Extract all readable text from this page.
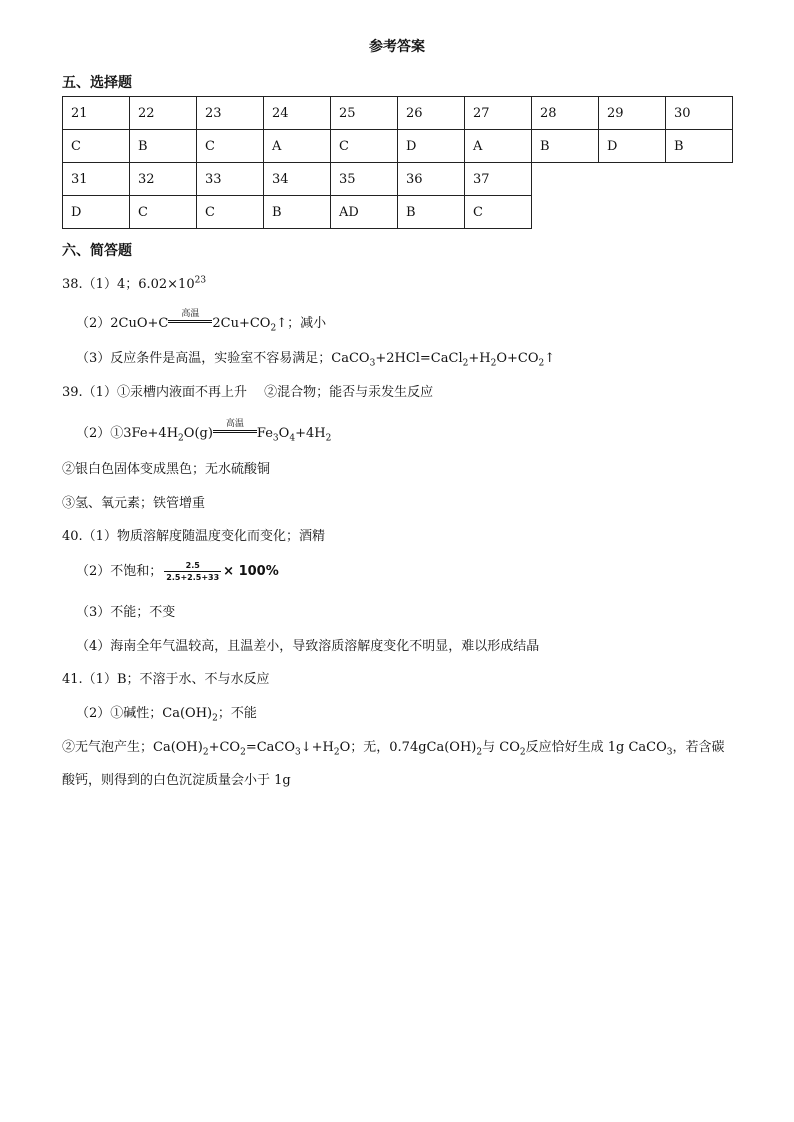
参考答案
五、选择题
21	22	23	24	25	26	27	28	29	30
C	B	C	A	C	D	A	B	D	B
31	32	33	34	35	36	37			
D	C	C	B	AD	B	C			
六、简答题
38.（1）4；$6.02\times 10^{23}$
（2）2CuO+C
高温
$2Cu+CO_2↑$；减小
（3）反应条件是高温，实验室不容易满足；$CaCO_3+2HCl=CaCl_2+H_2O+CO_2↑$
39.（1）①汞槽内液面不再上升　 ②混合物；能否与汞发生反应
$(2)①3Fe+4H_2O(g)$
高温
$Fe_3O_4+4H_2$
②银白色固体变成黑色；无水硫酸铜
③氢、氧元素；铁管增重
40.（1）物质溶解度随温度变化而变化；酒精
（2）不饱和； $\frac{2.5}{2.5+2.5+33} \times 100\%$
（3）不能；不变
（4）海南全年气温较高，且温差小，导致溶质溶解度变化不明显，难以形成结晶
41.（1）B；不溶于水、不与水反应
（2）①碱性；$Ca(OH)_2$；不能
②无气泡产生；$Ca(OH)_2+CO_2=CaCO_3↓+H_2O$；无，$0.74gCa(OH)_2$与 $CO_2$反应恰好生成 1g CaCO$_3$，若含碳
酸钙，则得到的白色沉淀质量会小于 1g
